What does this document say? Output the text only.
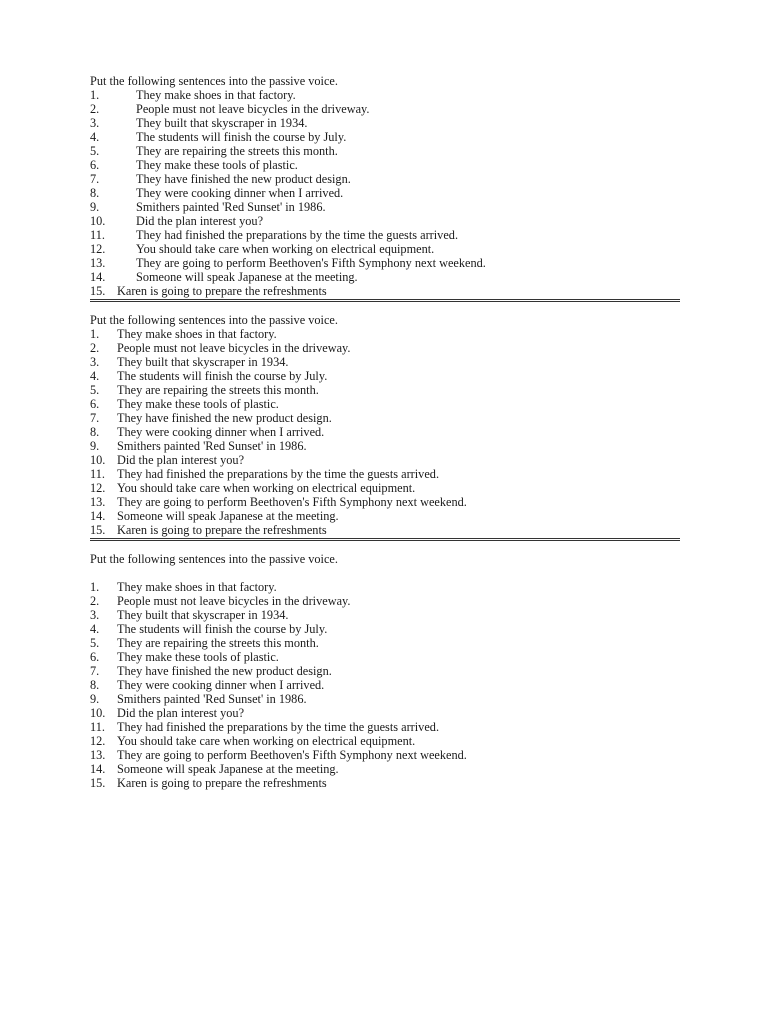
Put the following sentences into the passive voice.
1.	They make shoes in that factory.
2.	People must not leave bicycles in the driveway.
3.	They built that skyscraper in 1934.
4.	The students will finish the course by July.
5.	They are repairing the streets this month.
6.	They make these tools of plastic.
7.	They have finished the new product design.
8.	They were cooking dinner when I arrived.
9.	Smithers painted 'Red Sunset' in 1986.
10.	Did the plan interest you?
11.	They had finished the preparations by the time the guests arrived.
12.	You should take care when working on electrical equipment.
13.	They are going to perform Beethoven's Fifth Symphony next weekend.
14.	Someone will speak Japanese at the meeting.
15. Karen is going to prepare the refreshments
Put the following sentences into the passive voice.
1.	They make shoes in that factory.
2.	People must not leave bicycles in the driveway.
3.	They built that skyscraper in 1934.
4.	The students will finish the course by July.
5.	They are repairing the streets this month.
6.	They make these tools of plastic.
7.	They have finished the new product design.
8.	They were cooking dinner when I arrived.
9.	Smithers painted 'Red Sunset' in 1986.
10. Did the plan interest you?
11. They had finished the preparations by the time the guests arrived.
12. You should take care when working on electrical equipment.
13. They are going to perform Beethoven's Fifth Symphony next weekend.
14. Someone will speak Japanese at the meeting.
15. Karen is going to prepare the refreshments
Put the following sentences into the passive voice.
1.	They make shoes in that factory.
2.	People must not leave bicycles in the driveway.
3.	They built that skyscraper in 1934.
4.	The students will finish the course by July.
5.	They are repairing the streets this month.
6.	They make these tools of plastic.
7.	They have finished the new product design.
8.	They were cooking dinner when I arrived.
9.	Smithers painted 'Red Sunset' in 1986.
10. Did the plan interest you?
11. They had finished the preparations by the time the guests arrived.
12. You should take care when working on electrical equipment.
13. They are going to perform Beethoven's Fifth Symphony next weekend.
14. Someone will speak Japanese at the meeting.
15. Karen is going to prepare the refreshments
